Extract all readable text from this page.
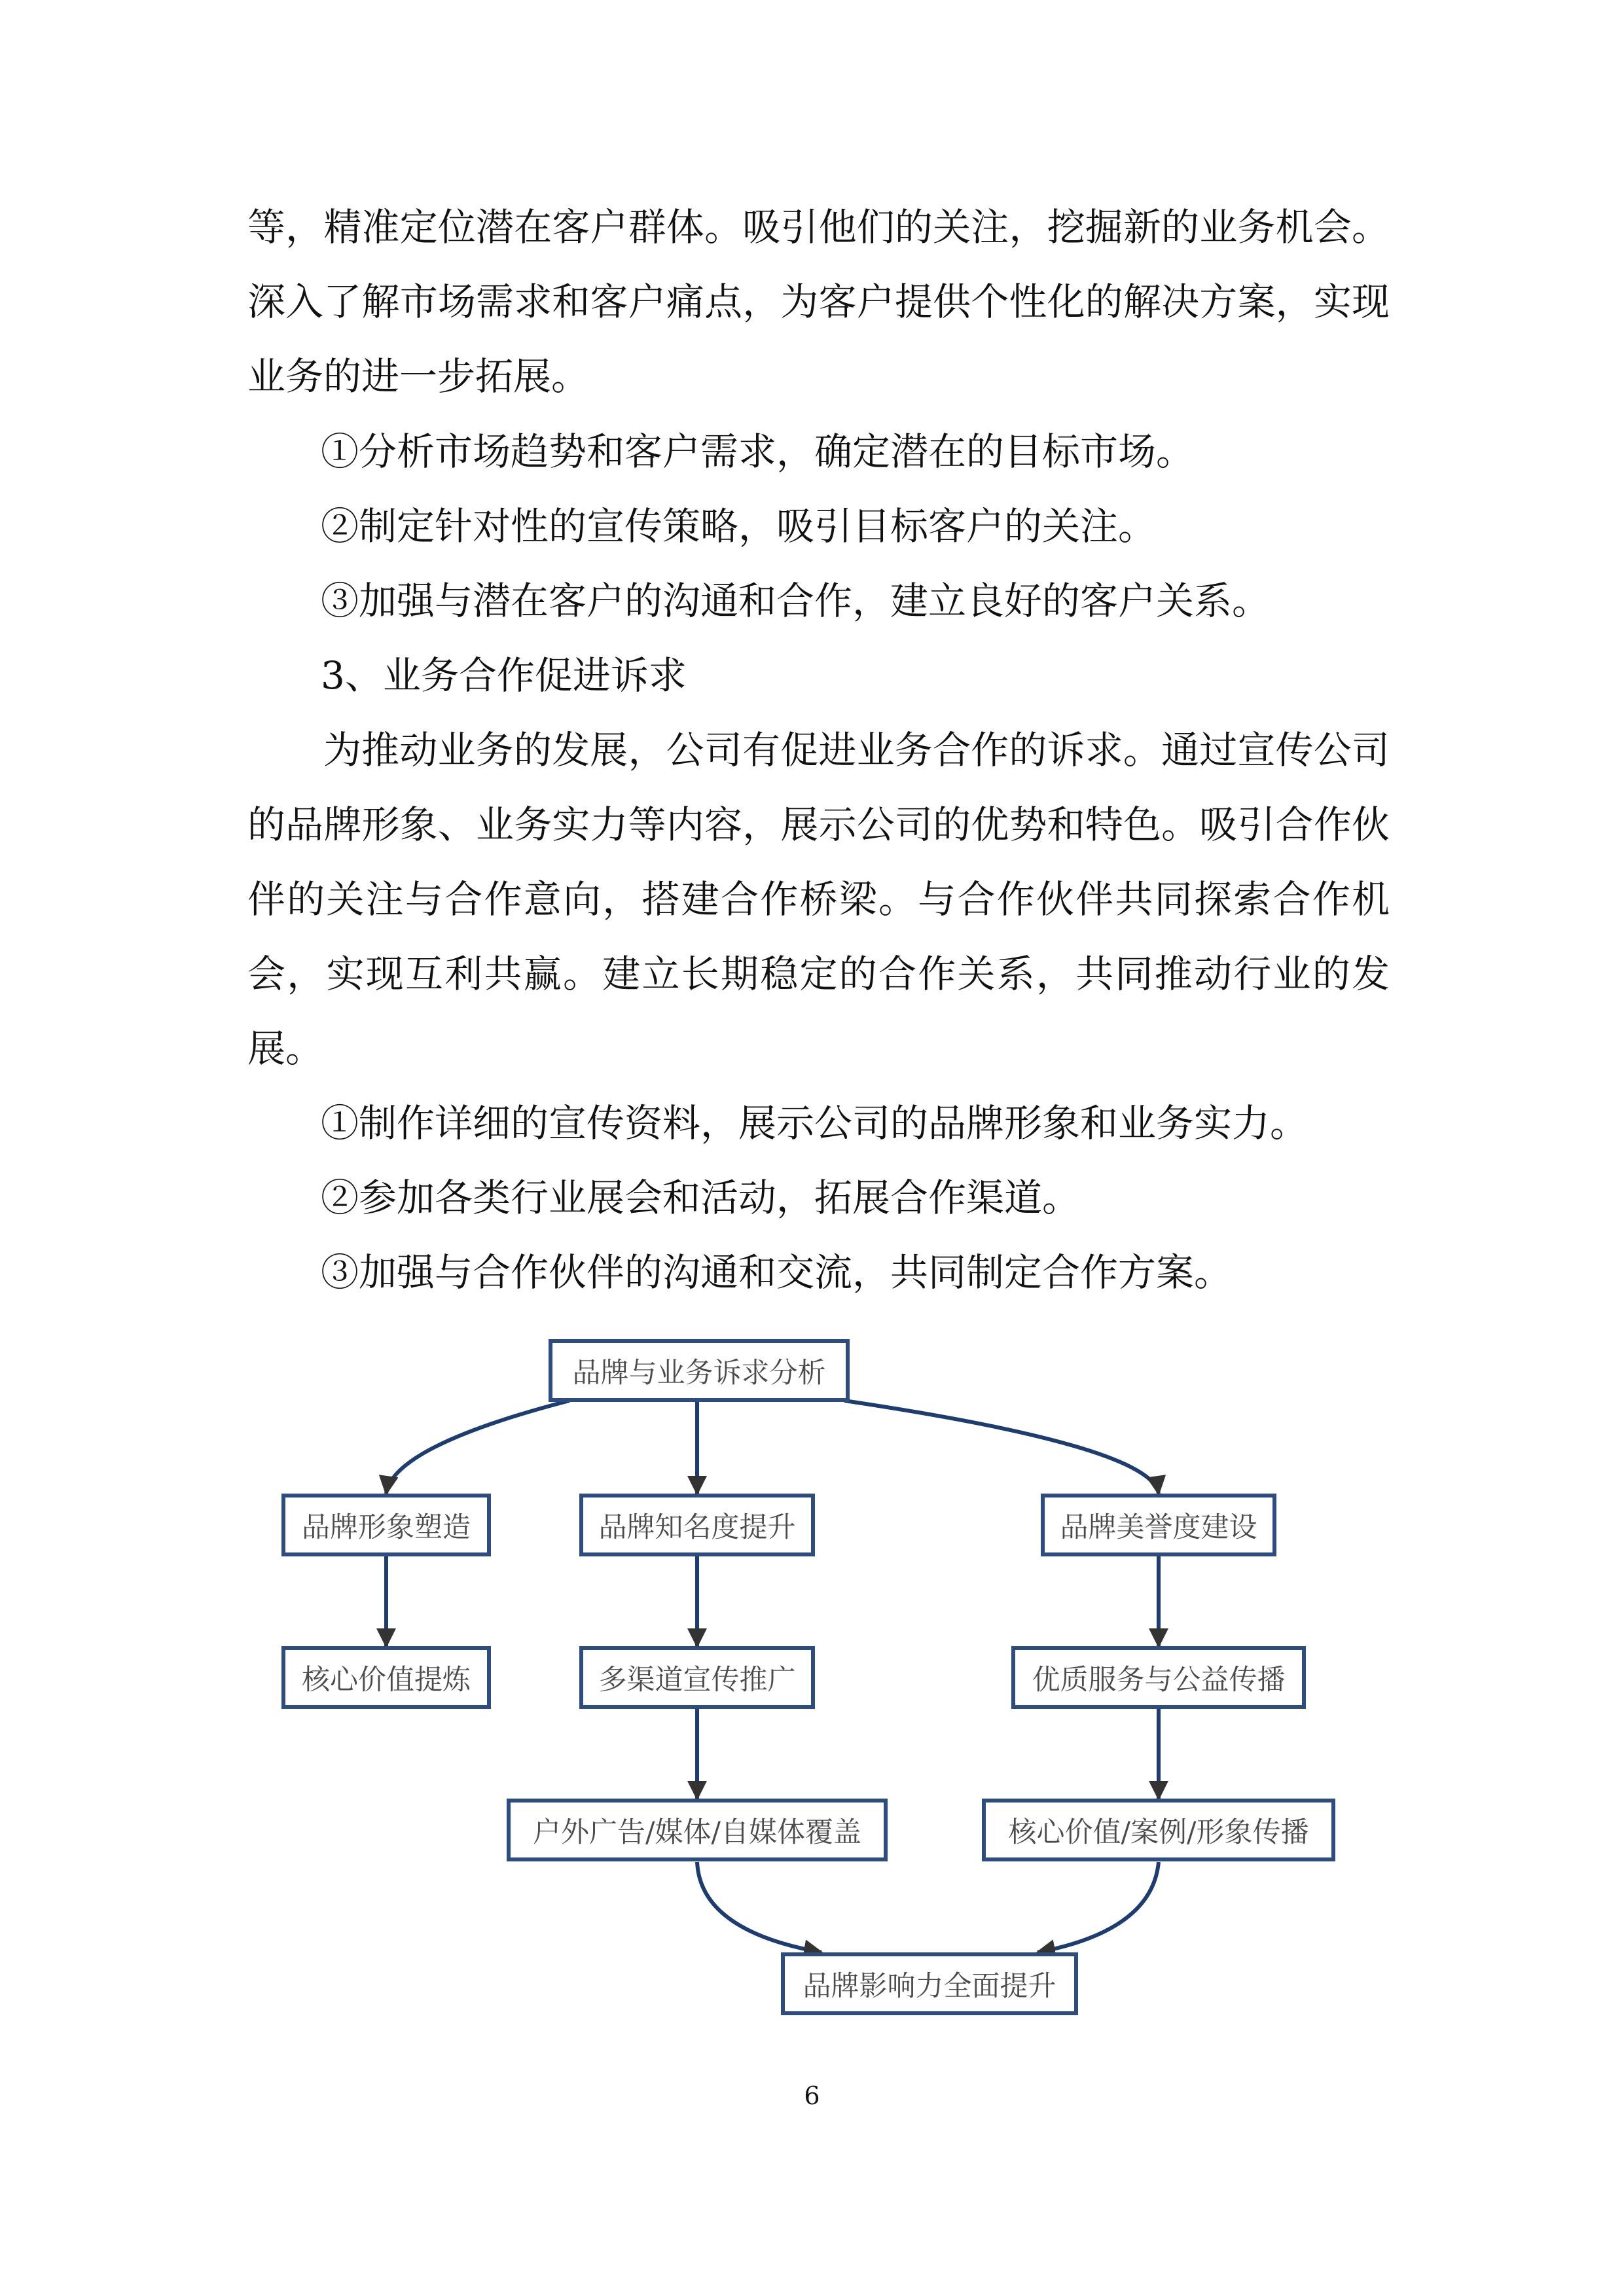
等，精准定位潜在客户群体。吸引他们的关注，挖掘新的业务机会。深入了解市场需求和客户痛点，为客户提供个性化的解决方案，实现业务的进一步拓展。

①分析市场趋势和客户需求，确定潜在的目标市场。

②制定针对性的宣传策略，吸引目标客户的关注。

③加强与潜在客户的沟通和合作，建立良好的客户关系。

3、业务合作促进诉求

为推动业务的发展，公司有促进业务合作的诉求。通过宣传公司的品牌形象、业务实力等内容，展示公司的优势和特色。吸引合作伙伴的关注与合作意向，搭建合作桥梁。与合作伙伴共同探索合作机会，实现互利共赢。建立长期稳定的合作关系，共同推动行业的发展。

①制作详细的宣传资料，展示公司的品牌形象和业务实力。

②参加各类行业展会和活动，拓展合作渠道。

③加强与合作伙伴的沟通和交流，共同制定合作方案。

品牌与业务诉求分析
品牌形象塑造	品牌知名度提升	品牌美誉度建设
核心价值提炼	多渠道宣传推广	优质服务与公益传播
户外广告/媒体/自媒体覆盖	核心价值/案例/形象传播
品牌影响力全面提升
6
